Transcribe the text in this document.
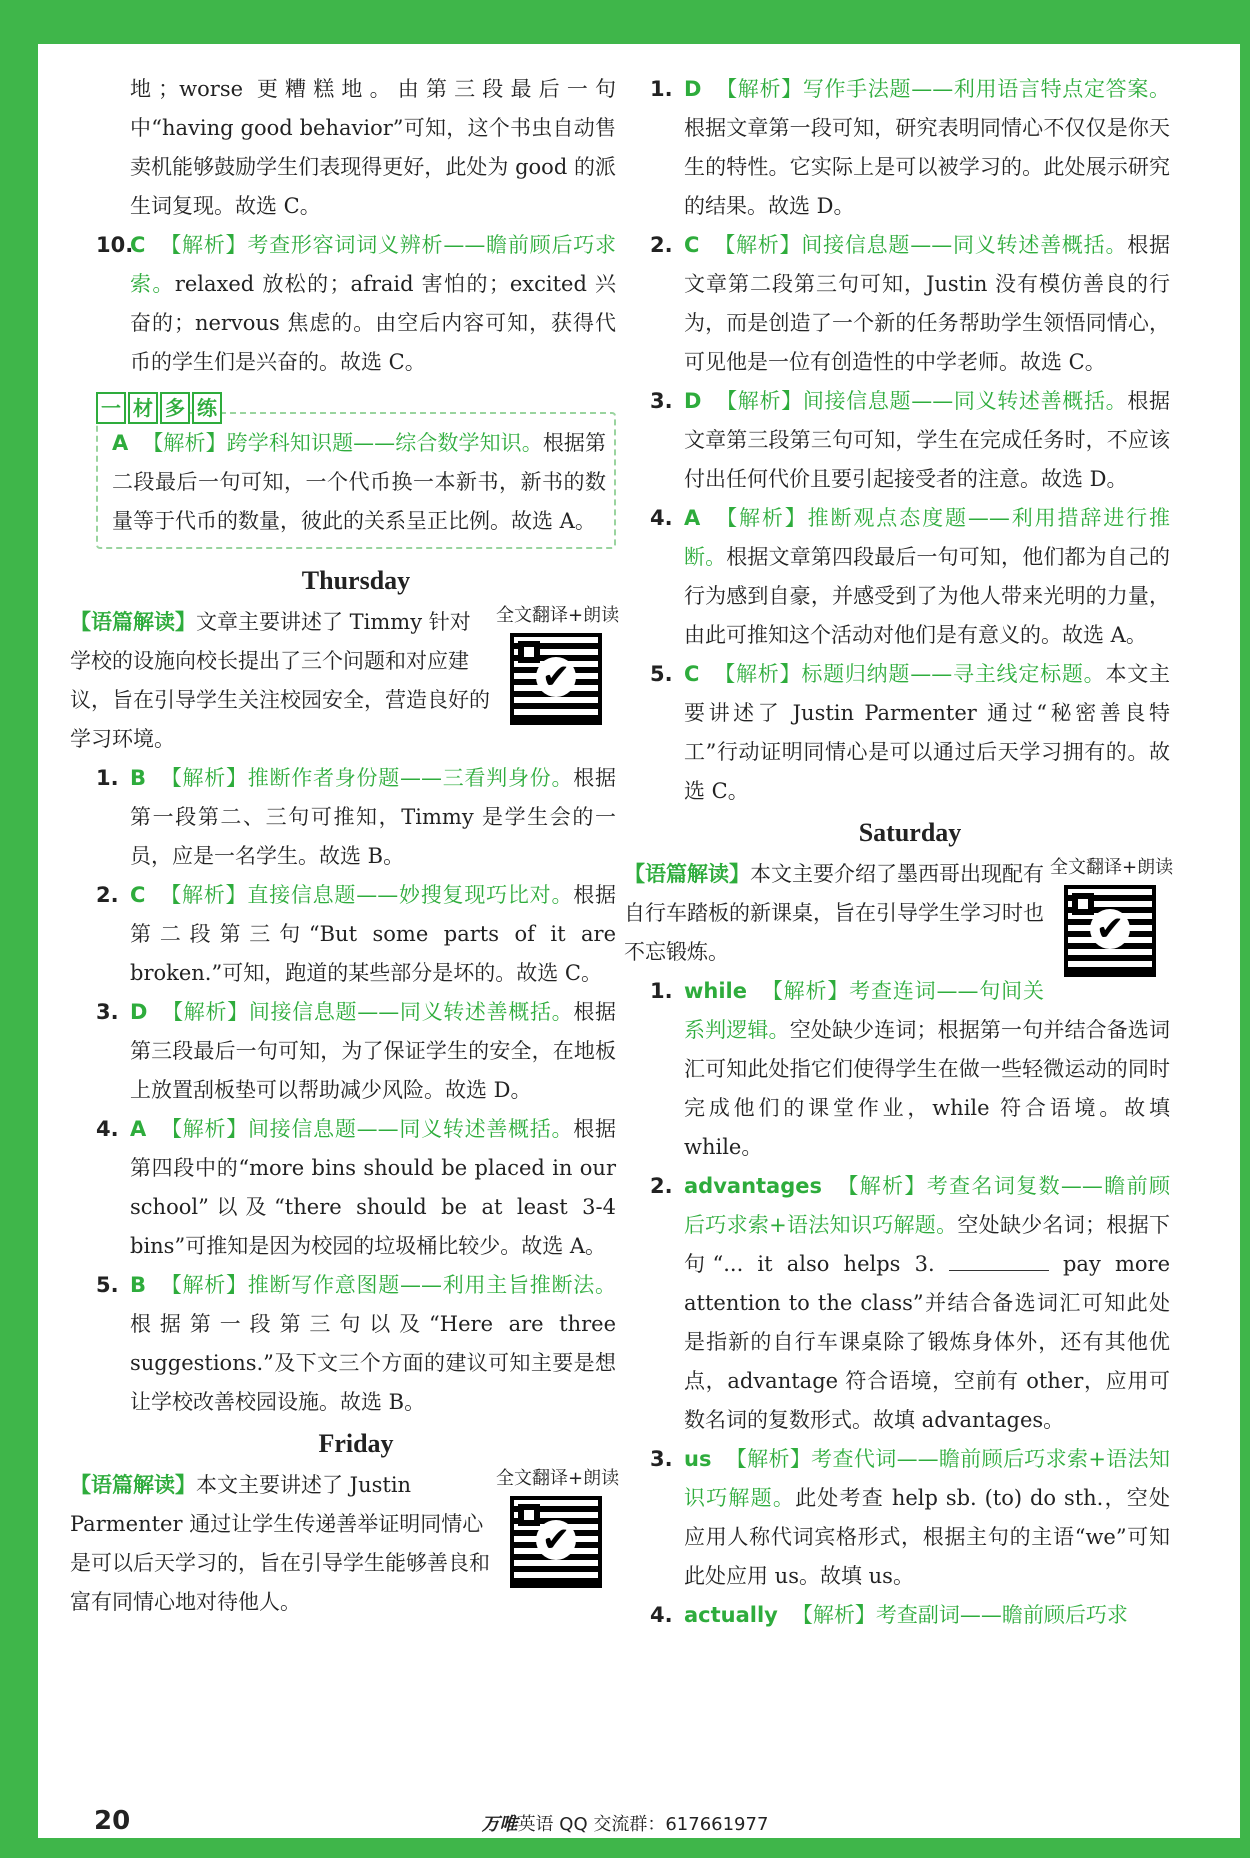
地；worse 更糟糕地。由第三段最后一句中“having good behavior”可知，这个书虫自动售卖机能够鼓励学生们表现得更好，此处为 good 的派生词复现。故选 C。

10.
C 【解析】考查形容词词义辨析——瞻前顾后巧求索。relaxed 放松的；afraid 害怕的；excited 兴奋的；nervous 焦虑的。由空后内容可知，获得代币的学生们是兴奋的。故选 C。
一 材 多 练

A 【解析】跨学科知识题——综合数学知识。根据第二段最后一句可知，一个代币换一本新书，新书的数量等于代币的数量，彼此的关系呈正比例。故选 A。

Thursday
全文翻译+朗读
✔

【语篇解读】文章主要讲述了 Timmy 针对学校的设施向校长提出了三个问题和对应建议，旨在引导学生关注校园安全，营造良好的学习环境。

1. B 【解析】推断作者身份题——三看判身份。根据第一段第二、三句可推知，Timmy 是学生会的一员，应是一名学生。故选 B。
2. C 【解析】直接信息题——妙搜复现巧比对。根据第二段第三句“But some parts of it are broken.”可知，跑道的某些部分是坏的。故选 C。
3. D 【解析】间接信息题——同义转述善概括。根据第三段最后一句可知，为了保证学生的安全，在地板上放置刮板垫可以帮助减少风险。故选 D。
4. A 【解析】间接信息题——同义转述善概括。根据第四段中的“more bins should be placed in our school”以及“there should be at least 3-4 bins”可推知是因为校园的垃圾桶比较少。故选 A。
5. B 【解析】推断写作意图题——利用主旨推断法。根据第一段第三句以及“Here are three suggestions.”及下文三个方面的建议可知主要是想让学校改善校园设施。故选 B。
Friday
全文翻译+朗读
✔

【语篇解读】本文主要讲述了 Justin Parmenter 通过让学生传递善举证明同情心是可以后天学习的，旨在引导学生能够善良和富有同情心地对待他人。

1. D 【解析】写作手法题——利用语言特点定答案。根据文章第一段可知，研究表明同情心不仅仅是你天生的特性。它实际上是可以被学习的。此处展示研究的结果。故选 D。
2. C 【解析】间接信息题——同义转述善概括。根据文章第二段第三句可知，Justin 没有模仿善良的行为，而是创造了一个新的任务帮助学生领悟同情心，可见他是一位有创造性的中学老师。故选 C。
3. D 【解析】间接信息题——同义转述善概括。根据文章第三段第三句可知，学生在完成任务时，不应该付出任何代价且要引起接受者的注意。故选 D。
4. A 【解析】推断观点态度题——利用措辞进行推断。根据文章第四段最后一句可知，他们都为自己的行为感到自豪，并感受到了为他人带来光明的力量，由此可推知这个活动对他们是有意义的。故选 A。
5. C 【解析】标题归纳题——寻主线定标题。本文主要讲述了 Justin Parmenter 通过“秘密善良特工”行动证明同情心是可以通过后天学习拥有的。故选 C。
Saturday
全文翻译+朗读
✔

【语篇解读】本文主要介绍了墨西哥出现配有自行车踏板的新课桌，旨在引导学生学习时也不忘锻炼。

1. while 【解析】考查连词——句间关系判逻辑。空处缺少连词；根据第一句并结合备选词汇可知此处指它们使得学生在做一些轻微运动的同时完成他们的课堂作业，while 符合语境。故填 while。
2. advantages 【解析】考查名词复数——瞻前顾后巧求索+语法知识巧解题。空处缺少名词；根据下句“... it also helps 3.	pay more attention to the class”并结合备选词汇可知此处是指新的自行车课桌除了锻炼身体外，还有其他优点，advantage 符合语境，空前有 other，应用可数名词的复数形式。故填 advantages。
3. us 【解析】考查代词——瞻前顾后巧求索+语法知识巧解题。此处考查 help sb. (to) do sth.，空处应用人称代词宾格形式，根据主句的主语“we”可知此处应用 us。故填 us。
4. actually 【解析】考查副词——瞻前顾后巧求
20	万唯英语 QQ 交流群：617661977
